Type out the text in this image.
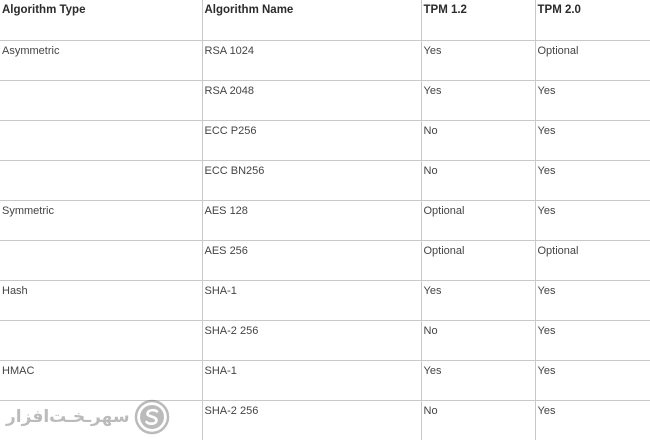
Algorithm Type	Algorithm Name	TPM 1.2	TPM 2.0
Asymmetric	RSA 1024	Yes	Optional
	RSA 2048	Yes	Yes
	ECC P256	No	Yes
	ECC BN256	No	Yes
Symmetric	AES 128	Optional	Yes
	AES 256	Optional	Optional
Hash	SHA-1	Yes	Yes
	SHA-2 256	No	Yes
HMAC	SHA-1	Yes	Yes
	SHA-2 256	No	Yes
سهرـخـت‌افزار
